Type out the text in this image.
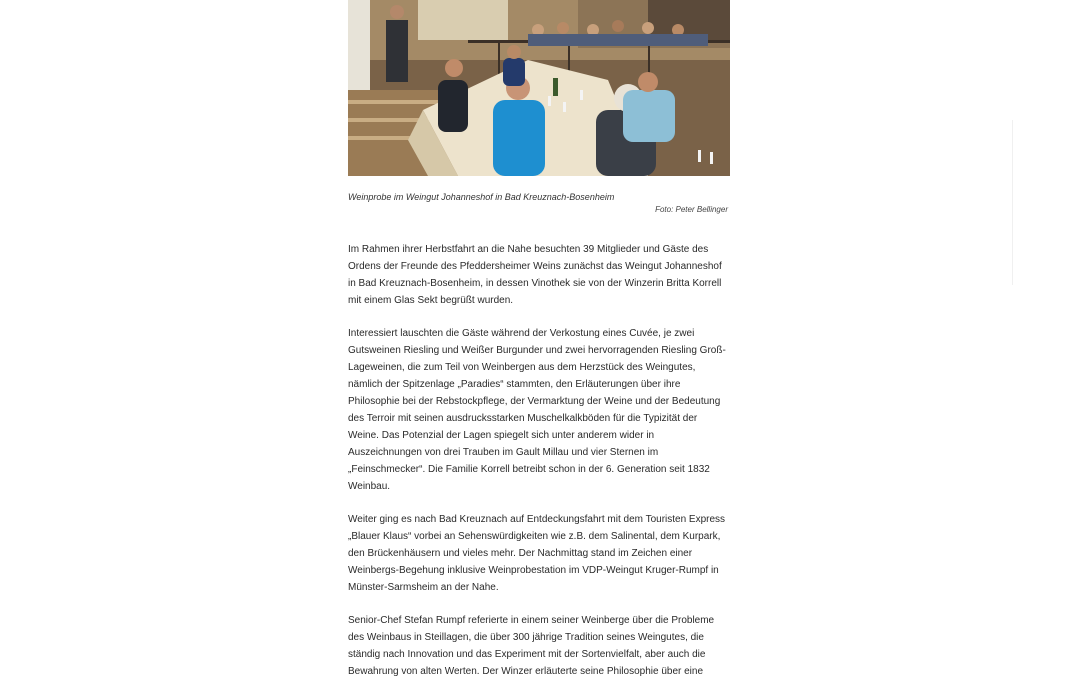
Weinprobe im Weingut Johanneshof in Bad Kreuznach-Bosenheim
Foto: Peter Bellinger

Im Rahmen ihrer Herbstfahrt an die Nahe besuchten 39 Mitglieder und Gäste des Ordens der Freunde des Pfeddersheimer Weins zunächst das Weingut Johanneshof in Bad Kreuznach-Bosenheim, in dessen Vinothek sie von der Winzerin Britta Korrell mit einem Glas Sekt begrüßt wurden.

Interessiert lauschten die Gäste während der Verkostung eines Cuvée, je zwei Gutsweinen Riesling und Weißer Burgunder und zwei hervorragenden Riesling Groß-Lageweinen, die zum Teil von Weinbergen aus dem Herzstück des Weingutes, nämlich der Spitzenlage „Paradies“ stammten, den Erläuterungen über ihre Philosophie bei der Rebstockpflege, der Vermarktung der Weine und der Bedeutung des Terroir mit seinen ausdrucksstarken Muschelkalkböden für die Typizität der Weine. Das Potenzial der Lagen spiegelt sich unter anderem wider in Auszeichnungen von drei Trauben im Gault Millau und vier Sternen im „Feinschmecker“. Die Familie Korrell betreibt schon in der 6. Generation seit 1832 Weinbau.

Weiter ging es nach Bad Kreuznach auf Entdeckungsfahrt mit dem Touristen Express „Blauer Klaus“ vorbei an Sehenswürdigkeiten wie z.B. dem Salinental, dem Kurpark, den Brückenhäusern und vieles mehr. Der Nachmittag stand im Zeichen einer Weinbergs-Begehung inklusive Weinprobestation im VDP-Weingut Kruger-Rumpf in Münster-Sarmsheim an der Nahe.

Senior-Chef Stefan Rumpf referierte in einem seiner Weinberge über die Probleme des Weinbaus in Steillagen, die über 300 jährige Tradition seines Weingutes, die ständig nach Innovation und das Experiment mit der Sortenvielfalt, aber auch die Bewahrung von alten Werten. Der Winzer erläuterte seine Philosophie über eine
